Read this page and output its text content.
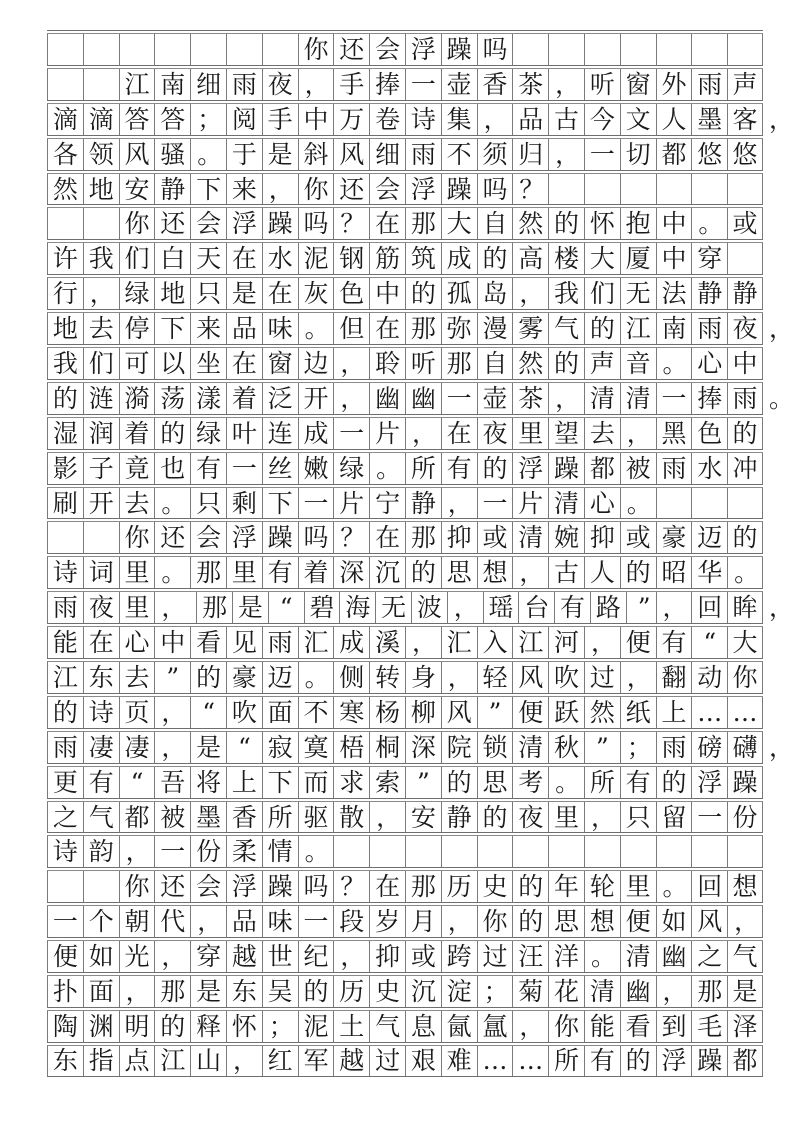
你 还 会 浮 躁 吗
江 南 细 雨 夜 ， 手 捧 一 壶 香 茶 ， 听 窗 外 雨 声
滴 滴 答 答 ； 阅 手 中 万 卷 诗 集 ， 品 古 今 文 人 墨 客 ，
各 领 风 骚 。 于 是 斜 风 细 雨 不 须 归 ， 一 切 都 悠 悠
然 地 安 静 下 来 ， 你 还 会 浮 躁 吗 ？
你 还 会 浮 躁 吗 ？ 在 那 大 自 然 的 怀 抱 中 。 或
许 我 们 白 天 在 水 泥 钢 筋 筑 成 的 高 楼 大 厦 中 穿
行 ， 绿 地 只 是 在 灰 色 中 的 孤 岛 ， 我 们 无 法 静 静
地 去 停 下 来 品 味 。 但 在 那 弥 漫 雾 气 的 江 南 雨 夜 ，
我 们 可 以 坐 在 窗 边 ， 聆 听 那 自 然 的 声 音 。 心 中
的 涟 漪 荡 漾 着 泛 开 ， 幽 幽 一 壶 茶 ， 清 清 一 捧 雨 。
湿 润 着 的 绿 叶 连 成 一 片 ， 在 夜 里 望 去 ， 黑 色 的
影 子 竟 也 有 一 丝 嫩 绿 。 所 有 的 浮 躁 都 被 雨 水 冲
刷 开 去 。 只 剩 下 一 片 宁 静 ， 一 片 清 心 。
你 还 会 浮 躁 吗 ？ 在 那 抑 或 清 婉 抑 或 豪 迈 的
诗 词 里 。 那 里 有 着 深 沉 的 思 想 ， 古 人 的 昭 华 。
雨 夜 里 ， 那 是 “ 碧 海 无 波 ， 瑶 台 有 路 ” ， 回 眸 ，
能 在 心 中 看 见 雨 汇 成 溪 ， 汇 入 江 河 ， 便 有 “ 大
江 东 去 ” 的 豪 迈 。 侧 转 身 ， 轻 风 吹 过 ， 翻 动 你
的 诗 页 ， “ 吹 面 不 寒 杨 柳 风 ” 便 跃 然 纸 上 … …
雨 凄 凄 ， 是 “ 寂 寞 梧 桐 深 院 锁 清 秋 ” ； 雨 磅 礴 ，
更 有 “ 吾 将 上 下 而 求 索 ” 的 思 考 。 所 有 的 浮 躁
之 气 都 被 墨 香 所 驱 散 ， 安 静 的 夜 里 ， 只 留 一 份
诗 韵 ， 一 份 柔 情 。
你 还 会 浮 躁 吗 ？ 在 那 历 史 的 年 轮 里 。 回 想
一 个 朝 代 ， 品 味 一 段 岁 月 ， 你 的 思 想 便 如 风 ，
便 如 光 ， 穿 越 世 纪 ， 抑 或 跨 过 汪 洋 。 清 幽 之 气
扑 面 ， 那 是 东 吴 的 历 史 沉 淀 ； 菊 花 清 幽 ， 那 是
陶 渊 明 的 释 怀 ； 泥 土 气 息 氤 氲 ， 你 能 看 到 毛 泽
东 指 点 江 山 ， 红 军 越 过 艰 难 … … 所 有 的 浮 躁 都
